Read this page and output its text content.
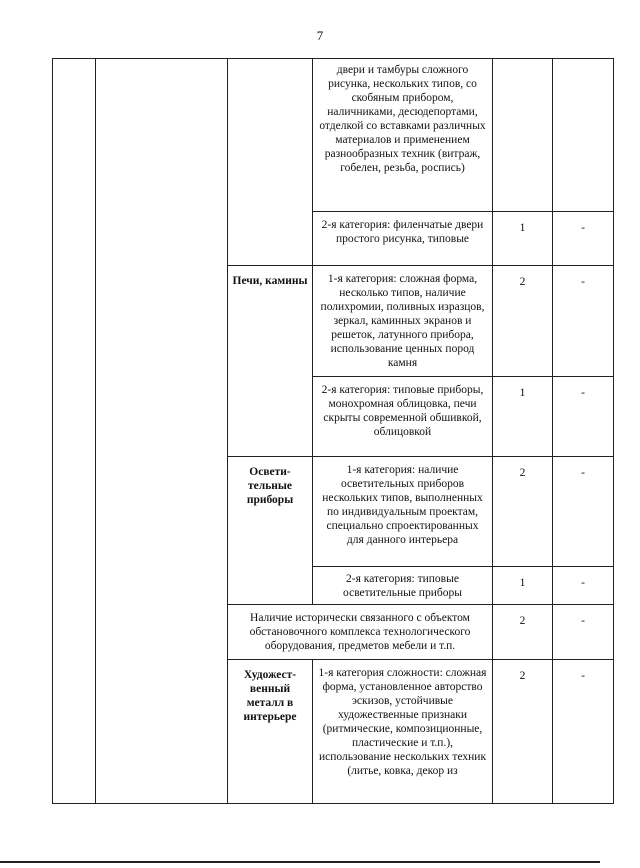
7

			двери и тамбуры сложного рисунка, нескольких типов, со скобяным прибором, наличниками, десюдепортами, отделкой со вставками различных материалов и применением разнообразных техник (витраж, гобелен, резьба, роспись)		

			2-я категория: филенчатые двери простого рисунка, типовые	1	-

		Печи, камины	1-я категория: сложная форма, несколько типов, наличие полихромии, поливных изразцов, зеркал, каминных экранов и решеток, латунного прибора, использование ценных пород камня	2	-

			2-я категория: типовые приборы, монохромная облицовка, печи скрыты современной обшивкой, облицовкой	1	-

		Освети-тельные приборы	1-я категория: наличие осветительных приборов нескольких типов, выполненных по индивидуальным проектам, специально спроектированных для данного интерьера	2	-

			2-я категория: типовые осветительные приборы	1	-

		Наличие исторически связанного с объектом обстановочного комплекса технологического оборудования, предметов мебели и т.п.		2	-

		Художест-венный металл в интерьере	1-я категория сложности: сложная форма, установленное авторство эскизов, устойчивые художественные признаки (ритмические, композиционные, пластические и т.п.), использование нескольких техник (литье, ковка, декор из	2	-
